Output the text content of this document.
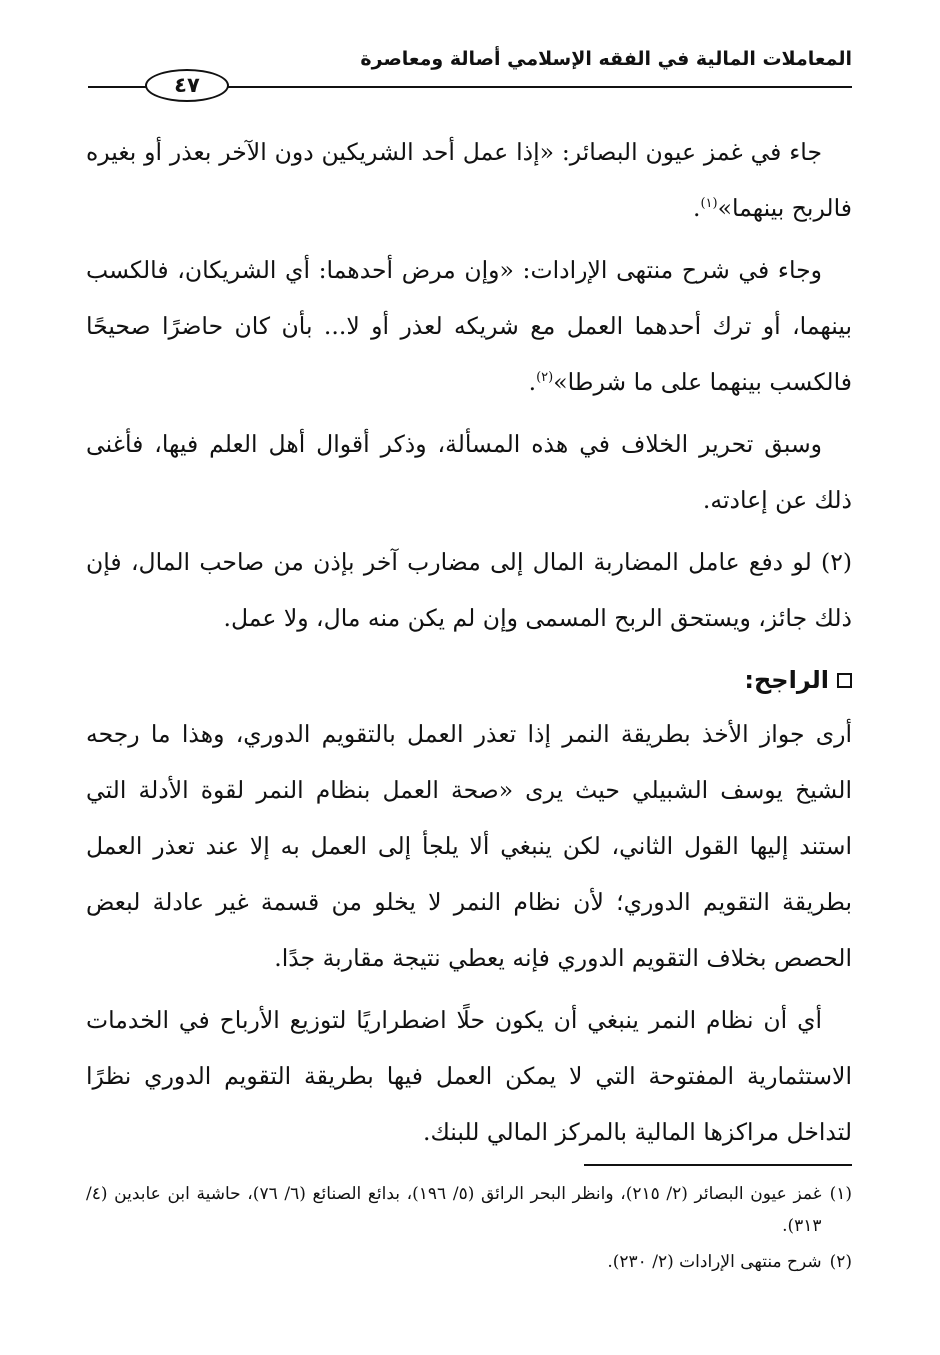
المعاملات المالية في الفقه الإسلامي أصالة ومعاصرة
٤٧

جاء في غمز عيون البصائر: «إذا عمل أحد الشريكين دون الآخر بعذر أو بغيره فالربح بينهما»$^{(١)}$.

وجاء في شرح منتهى الإرادات: «وإن مرض أحدهما: أي الشريكان، فالكسب بينهما، أو ترك أحدهما العمل مع شريكه لعذر أو لا... بأن كان حاضرًا صحيحًا فالكسب بينهما على ما شرطا»$^{(٢)}$.

وسبق تحرير الخلاف في هذه المسألة، وذكر أقوال أهل العلم فيها، فأغنى ذلك عن إعادته.

(٢) لو دفع عامل المضاربة المال إلى مضارب آخر بإذن من صاحب المال، فإن ذلك جائز، ويستحق الربح المسمى وإن لم يكن منه مال، ولا عمل.

الراجح:

أرى جواز الأخذ بطريقة النمر إذا تعذر العمل بالتقويم الدوري، وهذا ما رجحه الشيخ يوسف الشبيلي حيث يرى «صحة العمل بنظام النمر لقوة الأدلة التي استند إليها القول الثاني، لكن ينبغي ألا يلجأ إلى العمل به إلا عند تعذر العمل بطريقة التقويم الدوري؛ لأن نظام النمر لا يخلو من قسمة غير عادلة لبعض الحصص بخلاف التقويم الدوري فإنه يعطي نتيجة مقاربة جدًا.

أي أن نظام النمر ينبغي أن يكون حلًا اضطراريًا لتوزيع الأرباح في الخدمات الاستثمارية المفتوحة التي لا يمكن العمل فيها بطريقة التقويم الدوري نظرًا لتداخل مراكزها المالية بالمركز المالي للبنك.

(١)
غمز عيون البصائر (٢/ ٢١٥)، وانظر البحر الرائق (٥/ ١٩٦)، بدائع الصنائع (٦/ ٧٦)، حاشية ابن عابدين (٤/ ٣١٣).
(٢)
شرح منتهى الإرادات (٢/ ٢٣٠).
